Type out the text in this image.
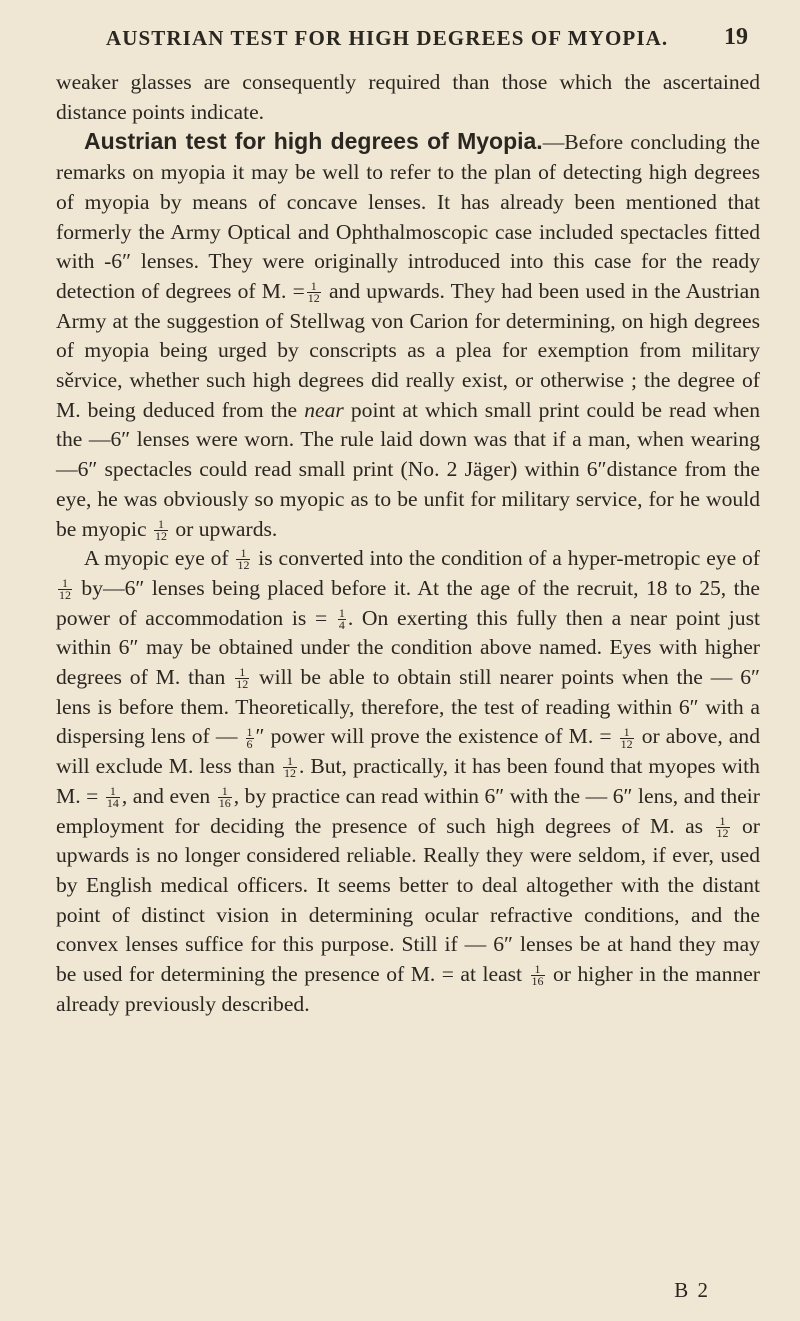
AUSTRIAN TEST FOR HIGH DEGREES OF MYOPIA. 19

weaker glasses are consequently required than those which the ascertained distance points indicate.

Austrian test for high degrees of Myopia.—Before concluding the remarks on myopia it may be well to refer to the plan of detecting high degrees of myopia by means of concave lenses. It has already been mentioned that formerly the Army Optical and Ophthalmoscopic case included spectacles fitted with -6″ lenses. They were originally introduced into this case for the ready detection of degrees of M. = $\frac{1}{12}$ and upwards. They had been used in the Austrian Army at the suggestion of Stellwag von Carion for determining, on high degrees of myopia being urged by conscripts as a plea for exemption from military sěrvice, whether such high degrees did really exist, or otherwise ; the degree of M. being deduced from the near point at which small print could be read when the —6″ lenses were worn. The rule laid down was that if a man, when wearing—6″ spectacles could read small print (No. 2 Jäger) within 6″distance from the eye, he was obviously so myopic as to be unfit for military service, for he would be myopic $\frac{1}{12}$ or upwards.

A myopic eye of $\frac{1}{12}$ is converted into the condition of a hyper-metropic eye of
$\frac{1}{12}$ by—6″ lenses being placed before it. At the age of the recruit, 18 to 25, the power of accommodation is = $\frac{1}{4}$ . On exerting this fully then a near point just within 6″ may be obtained under the condition above named. Eyes with higher degrees of M. than $\frac{1}{12}$ will be able to obtain still nearer points when the — 6″ lens is before them. Theoretically, therefore, the test of reading within 6″ with a dispersing lens of — $\frac{1}{6}$ ″ power will prove the existence of M. = $\frac{1}{12}$ or above, and will exclude M. less than $\frac{1}{12}$ . But, practically, it has been found that myopes with M. = $\frac{1}{14}$ , and even $\frac{1}{16}$ , by practice can read within 6″ with the — 6″ lens, and their employment for deciding the presence of such high degrees of M. as $\frac{1}{12}$ or upwards is no longer considered reliable. Really they were seldom, if ever, used by English medical officers. It seems better to deal altogether with the distant point of distinct vision in determining ocular refractive conditions, and the convex lenses suffice for this purpose. Still if — 6″ lenses be at hand they may be used for determining the presence of M. = at least $\frac{1}{16}$ or higher in the manner already previously described.

B 2
